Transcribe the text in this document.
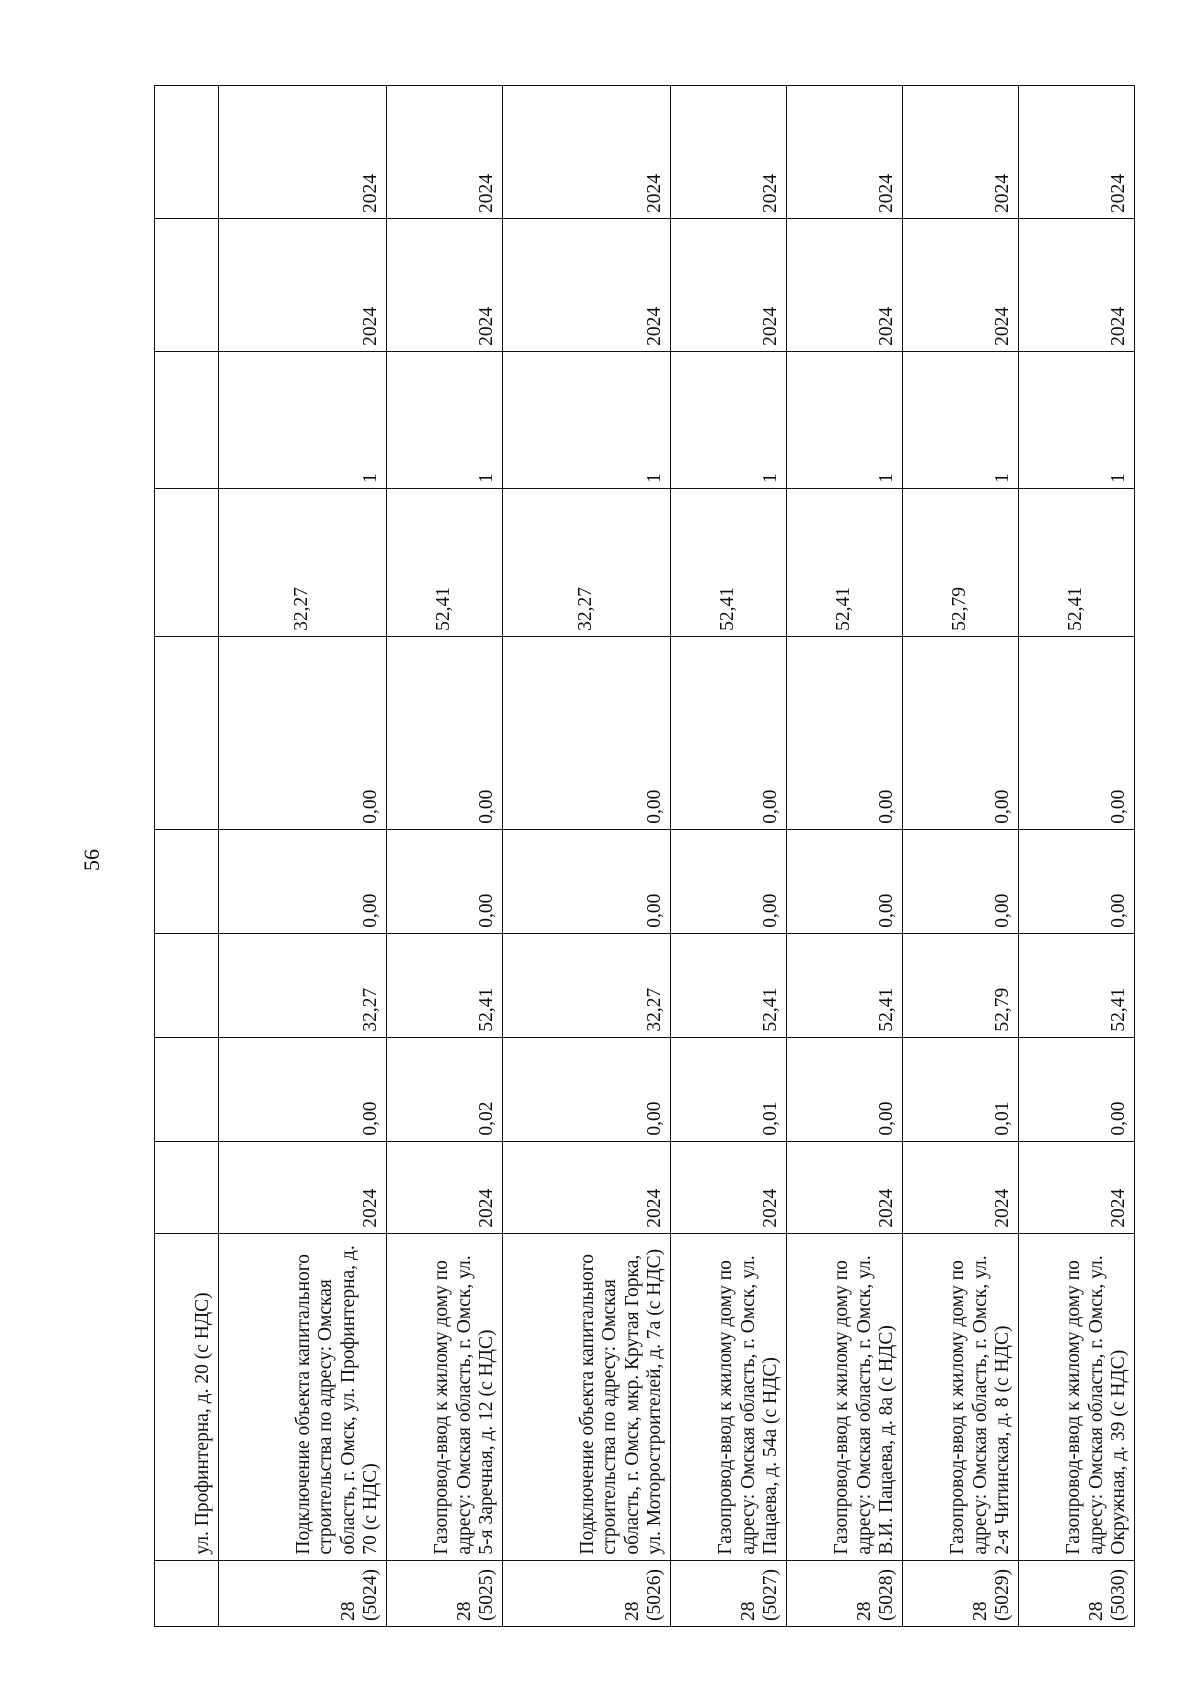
56
	ул. Профинтерна, д. 20 (с НДС)									
28 (5024)	Подключение объекта капитального строительства по адресу: Омская область, г. Омск, ул. Профинтерна, д. 70 (с НДС)	2024	0,00	32,27	0,00	0,00	32,27	1	2024	2024
28 (5025)	Газопровод-ввод к жилому дому по адресу: Омская область, г. Омск, ул. 5-я Заречная, д. 12 (с НДС)	2024	0,02	52,41	0,00	0,00	52,41	1	2024	2024
28 (5026)	Подключение объекта капитального строительства по адресу: Омская область, г. Омск, мкр. Крутая Горка, ул. Моторостроителей, д. 7а (с НДС)	2024	0,00	32,27	0,00	0,00	32,27	1	2024	2024
28 (5027)	Газопровод-ввод к жилому дому по адресу: Омская область, г. Омск, ул. Пацаева, д. 54а (с НДС)	2024	0,01	52,41	0,00	0,00	52,41	1	2024	2024
28 (5028)	Газопровод-ввод к жилому дому по адресу: Омская область, г. Омск, ул. В.И. Пацаева, д. 8а (с НДС)	2024	0,00	52,41	0,00	0,00	52,41	1	2024	2024
28 (5029)	Газопровод-ввод к жилому дому по адресу: Омская область, г. Омск, ул. 2-я Читинская, д. 8 (с НДС)	2024	0,01	52,79	0,00	0,00	52,79	1	2024	2024
28 (5030)	Газопровод-ввод к жилому дому по адресу: Омская область, г. Омск, ул. Окружная, д. 39 (с НДС)	2024	0,00	52,41	0,00	0,00	52,41	1	2024	2024
